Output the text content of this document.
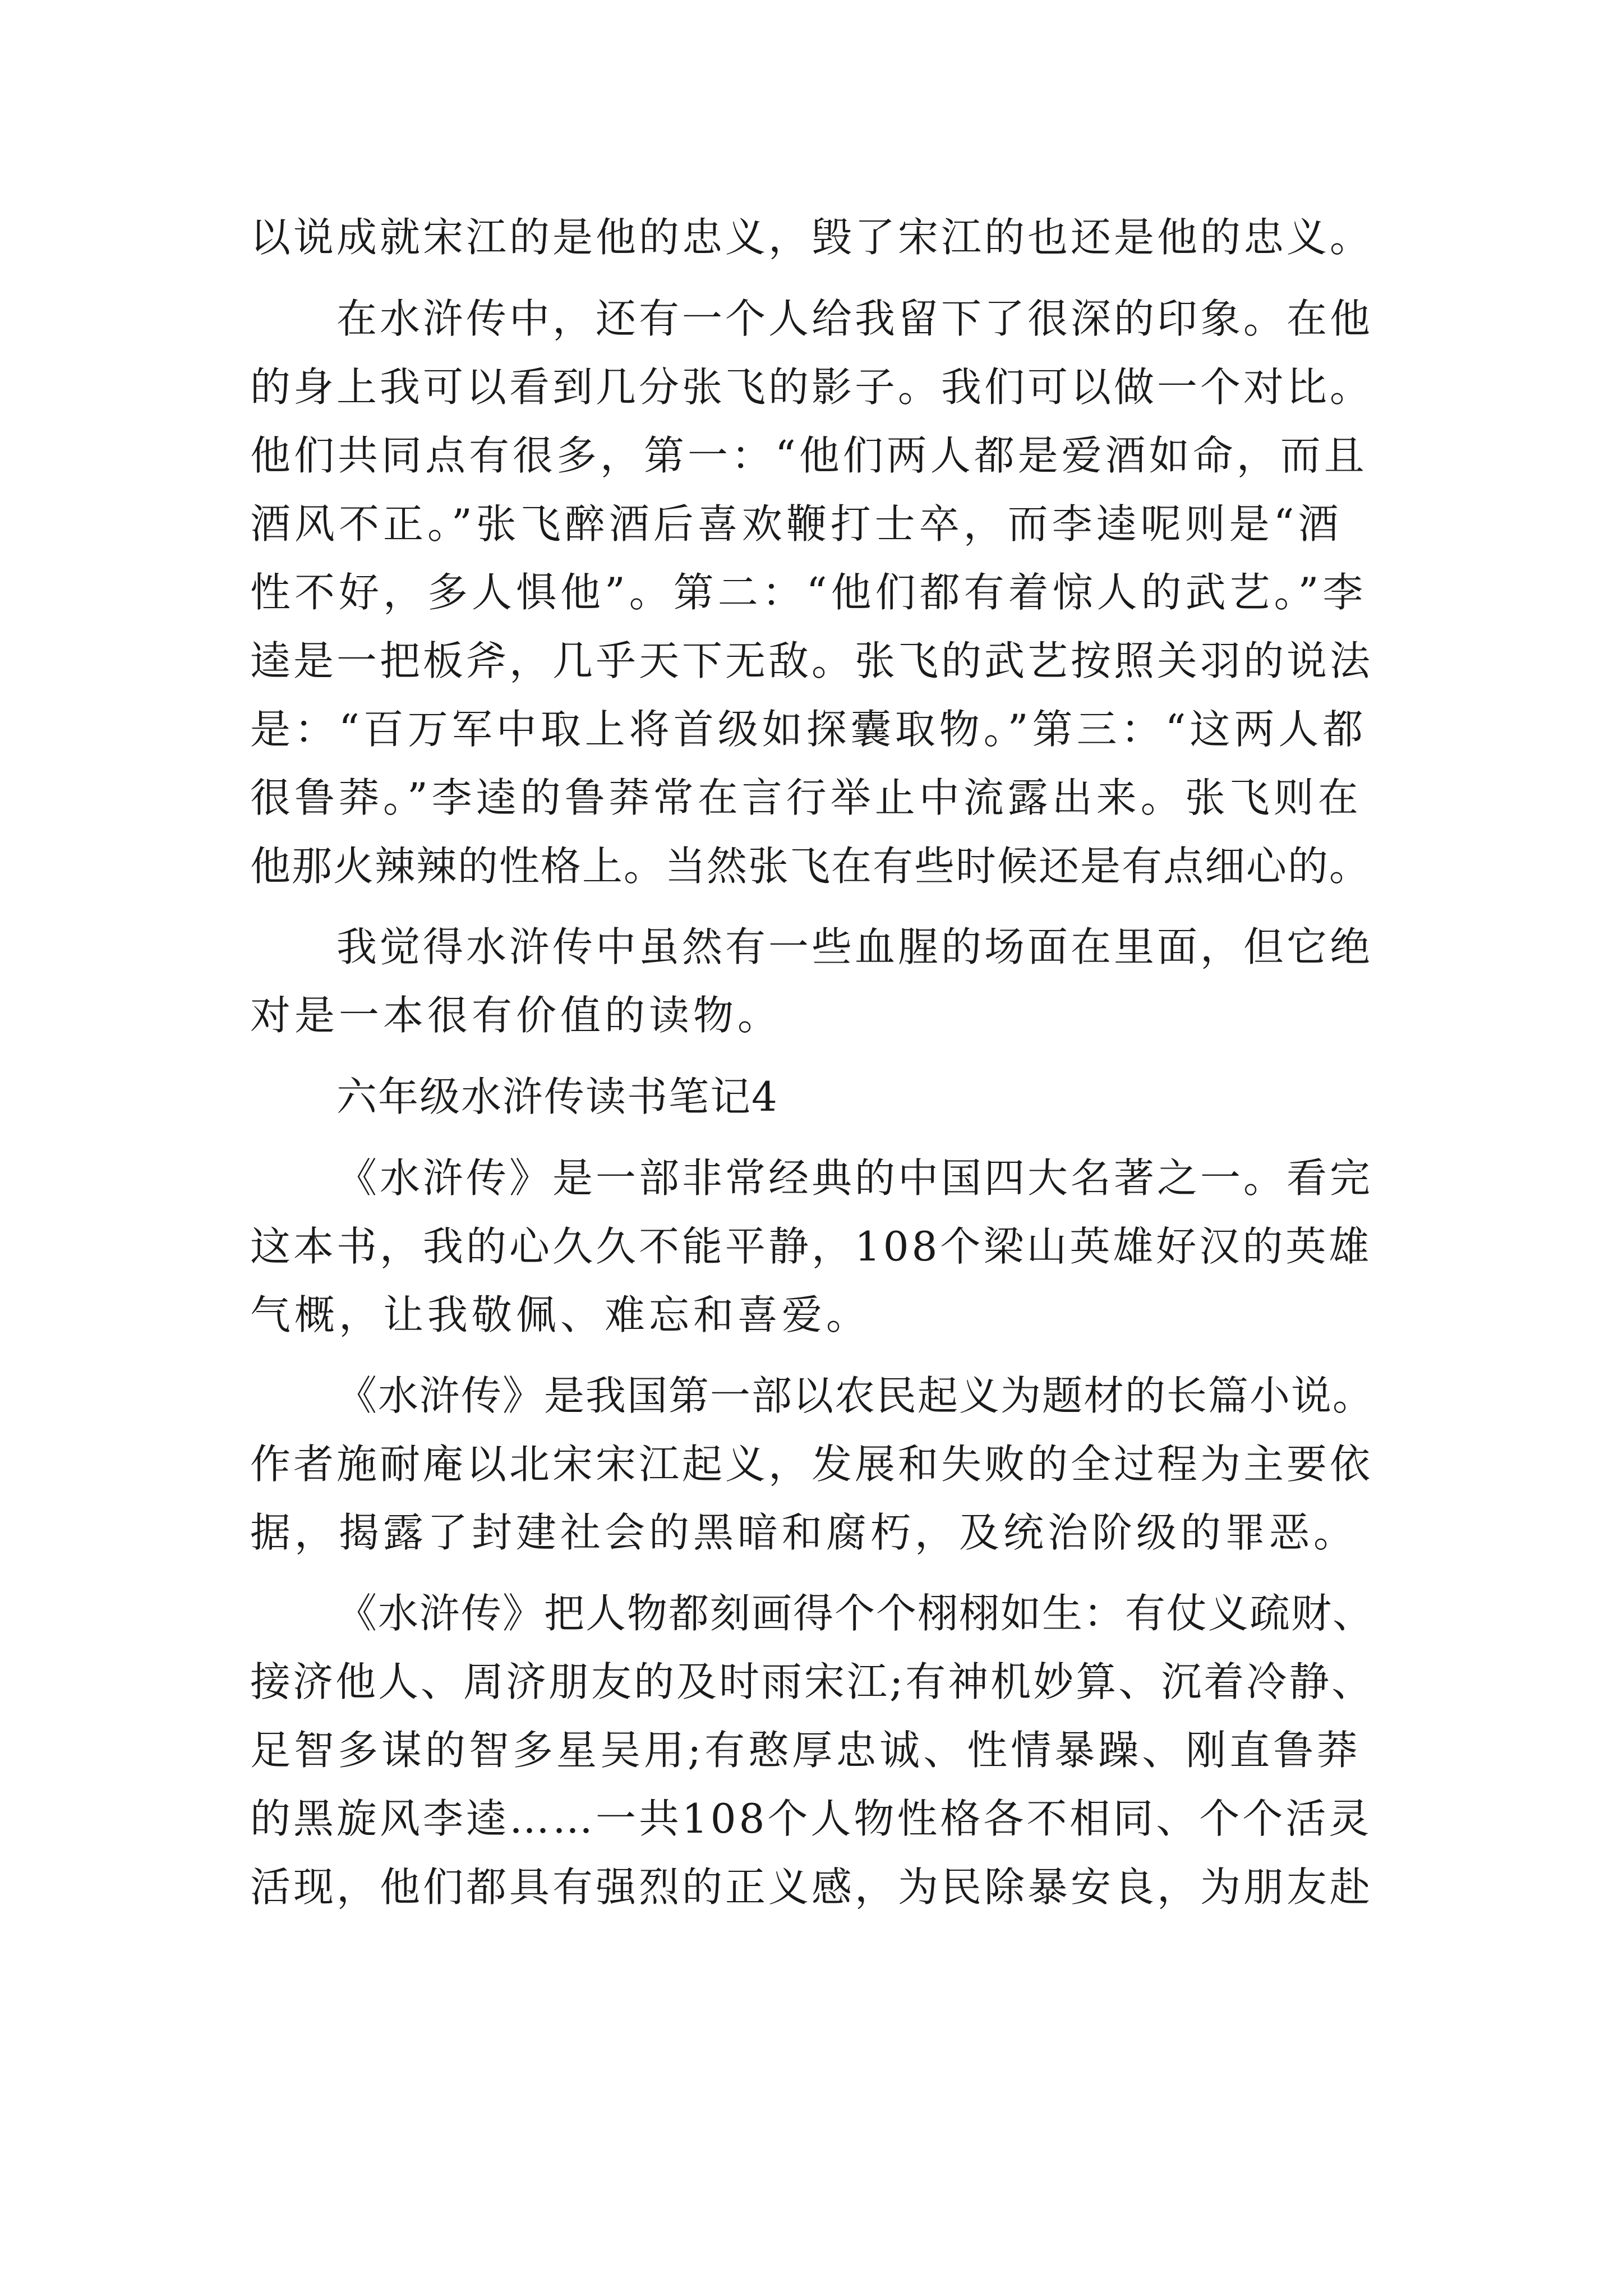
以说成就宋江的是他的忠义，毁了宋江的也还是他的忠义。
在水浒传中，还有一个人给我留下了很深的印象。在他
的身上我可以看到几分张飞的影子。我们可以做一个对比。
他们共同点有很多，第一：“他们两人都是爱酒如命，而且
酒风不正。”张飞醉酒后喜欢鞭打士卒，而李逵呢则是“酒
性不好，多人惧他”。第二：“他们都有着惊人的武艺。”李
逵是一把板斧，几乎天下无敌。张飞的武艺按照关羽的说法
是：“百万军中取上将首级如探囊取物。”第三：“这两人都
很鲁莽。”李逵的鲁莽常在言行举止中流露出来。张飞则在
他那火辣辣的性格上。当然张飞在有些时候还是有点细心的。
我觉得水浒传中虽然有一些血腥的场面在里面，但它绝
对是一本很有价值的读物。
六年级水浒传读书笔记4
《水浒传》是一部非常经典的中国四大名著之一。看完
这本书，我的心久久不能平静，108个梁山英雄好汉的英雄
气概，让我敬佩、难忘和喜爱。
《水浒传》是我国第一部以农民起义为题材的长篇小说。
作者施耐庵以北宋宋江起义，发展和失败的全过程为主要依
据，揭露了封建社会的黑暗和腐朽，及统治阶级的罪恶。
《水浒传》把人物都刻画得个个栩栩如生：有仗义疏财、
接济他人、周济朋友的及时雨宋江;有神机妙算、沉着冷静、
足智多谋的智多星吴用;有憨厚忠诚、性情暴躁、刚直鲁莽
的黑旋风李逵……一共108个人物性格各不相同、个个活灵
活现，他们都具有强烈的正义感，为民除暴安良，为朋友赴
